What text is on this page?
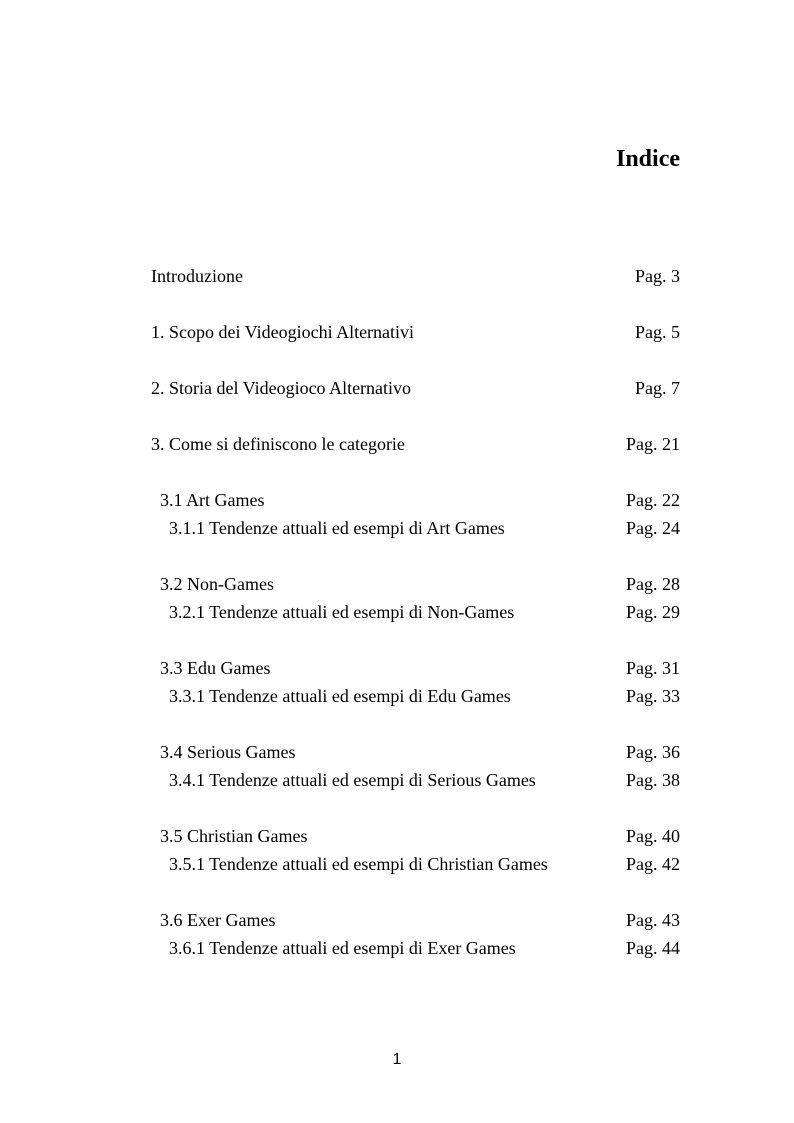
Indice
Introduzione	Pag. 3
1. Scopo dei Videogiochi Alternativi	Pag. 5
2. Storia del Videogioco Alternativo	Pag. 7
3. Come si definiscono le categorie	Pag. 21
3.1 Art Games	Pag. 22
3.1.1 Tendenze attuali ed esempi di Art Games	Pag. 24
3.2 Non-Games	Pag. 28
3.2.1 Tendenze attuali ed esempi di Non-Games	Pag. 29
3.3 Edu Games	Pag. 31
3.3.1 Tendenze attuali ed esempi di Edu Games	Pag. 33
3.4 Serious Games	Pag. 36
3.4.1 Tendenze attuali ed esempi di Serious Games	Pag. 38
3.5 Christian Games	Pag. 40
3.5.1 Tendenze attuali ed esempi di Christian Games	Pag. 42
3.6 Exer Games	Pag. 43
3.6.1 Tendenze attuali ed esempi di Exer Games	Pag. 44
1
